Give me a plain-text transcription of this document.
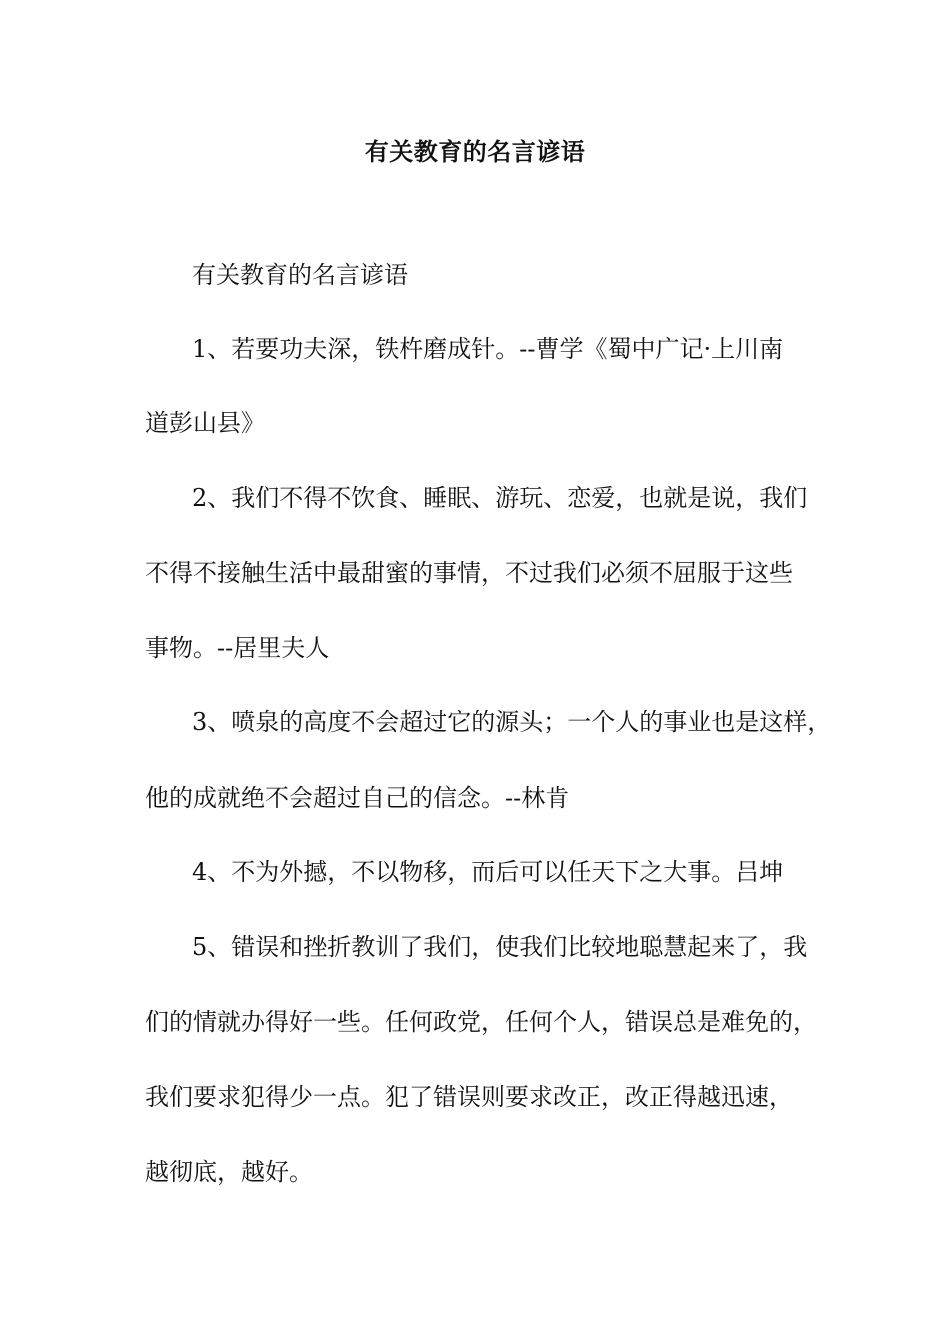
有关教育的名言谚语
有关教育的名言谚语
1、若要功夫深，铁杵磨成针。--曹学《蜀中广记·上川南
道彭山县》
2、我们不得不饮食、睡眠、游玩、恋爱，也就是说，我们
不得不接触生活中最甜蜜的事情，不过我们必须不屈服于这些
事物。--居里夫人
3、喷泉的高度不会超过它的源头；一个人的事业也是这样，
他的成就绝不会超过自己的信念。--林肯
4、不为外撼，不以物移，而后可以任天下之大事。吕坤
5、错误和挫折教训了我们，使我们比较地聪慧起来了，我
们的情就办得好一些。任何政党，任何个人，错误总是难免的，
我们要求犯得少一点。犯了错误则要求改正，改正得越迅速，
越彻底，越好。
